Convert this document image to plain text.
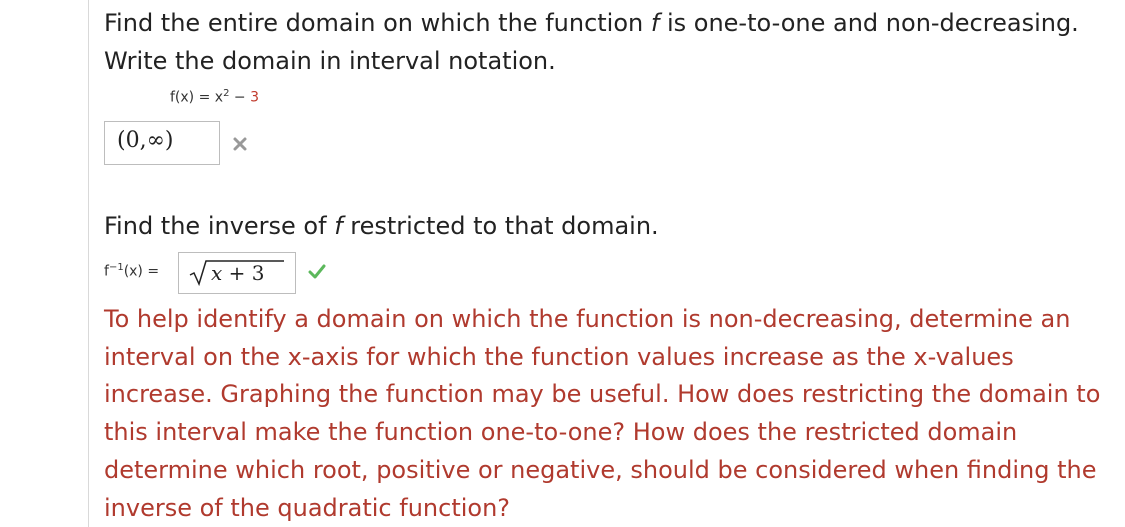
Find the entire domain on which the function f is one-to-one and non-decreasing. Write the domain in interval notation.
$f(x) = x^2 - 3$
(0,∞)
Find the inverse of f restricted to that domain.
$f^{-1}(x)$ =	x + 3
To help identify a domain on which the function is non-decreasing, determine an interval on the x-axis for which the function values increase as the x-values increase. Graphing the function may be useful. How does restricting the domain to this interval make the function one-to-one? How does the restricted domain determine which root, positive or negative, should be considered when finding the inverse of the quadratic function?
